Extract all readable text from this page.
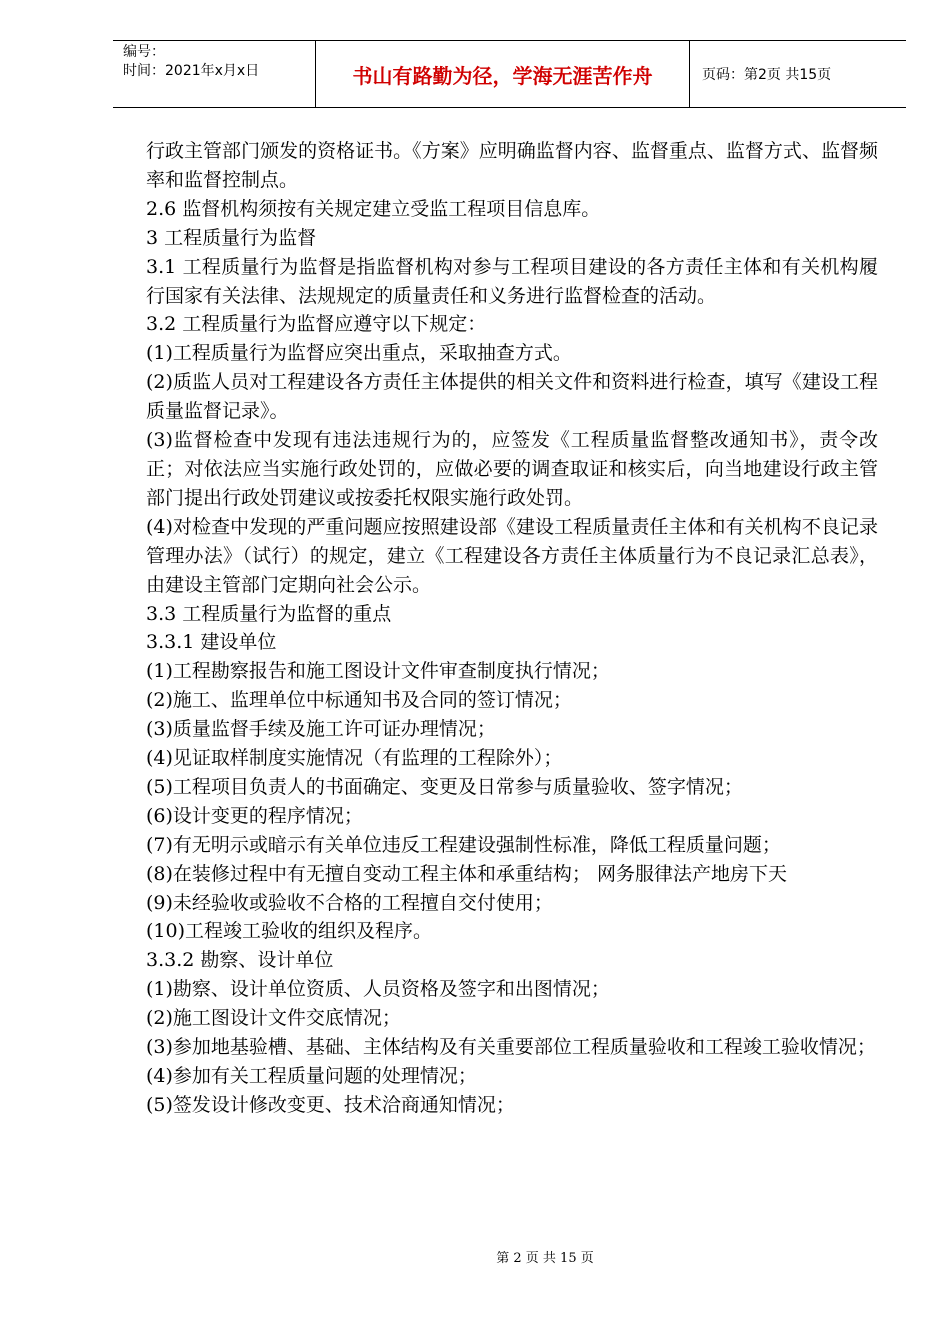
编号：
时间：2021年x月x日	书山有路勤为径，学海无涯苦作舟	页码：第2页 共15页

行政主管部门颁发的资格证书。《方案》应明确监督内容、监督重点、监督方式、监督频率和监督控制点。

2.6 监督机构须按有关规定建立受监工程项目信息库。

3 工程质量行为监督

3.1 工程质量行为监督是指监督机构对参与工程项目建设的各方责任主体和有关机构履行国家有关法律、法规规定的质量责任和义务进行监督检查的活动。

3.2 工程质量行为监督应遵守以下规定：

(1)工程质量行为监督应突出重点，采取抽查方式。

(2)质监人员对工程建设各方责任主体提供的相关文件和资料进行检查，填写《建设工程质量监督记录》。

(3)监督检查中发现有违法违规行为的，应签发《工程质量监督整改通知书》，责令改正；对依法应当实施行政处罚的，应做必要的调查取证和核实后，向当地建设行政主管部门提出行政处罚建议或按委托权限实施行政处罚。

(4)对检查中发现的严重问题应按照建设部《建设工程质量责任主体和有关机构不良记录管理办法》（试行）的规定，建立《工程建设各方责任主体质量行为不良记录汇总表》，由建设主管部门定期向社会公示。

3.3 工程质量行为监督的重点

3.3.1 建设单位

(1)工程勘察报告和施工图设计文件审查制度执行情况；

(2)施工、监理单位中标通知书及合同的签订情况；

(3)质量监督手续及施工许可证办理情况；

(4)见证取样制度实施情况（有监理的工程除外）；

(5)工程项目负责人的书面确定、变更及日常参与质量验收、签字情况；

(6)设计变更的程序情况；

(7)有无明示或暗示有关单位违反工程建设强制性标准，降低工程质量问题；

(8)在装修过程中有无擅自变动工程主体和承重结构； 网务服律法产地房下天

(9)未经验收或验收不合格的工程擅自交付使用；

(10)工程竣工验收的组织及程序。

3.3.2 勘察、设计单位

(1)勘察、设计单位资质、人员资格及签字和出图情况；

(2)施工图设计文件交底情况；

(3)参加地基验槽、基础、主体结构及有关重要部位工程质量验收和工程竣工验收情况；

(4)参加有关工程质量问题的处理情况；

(5)签发设计修改变更、技术洽商通知情况；

第 2 页 共 15 页
